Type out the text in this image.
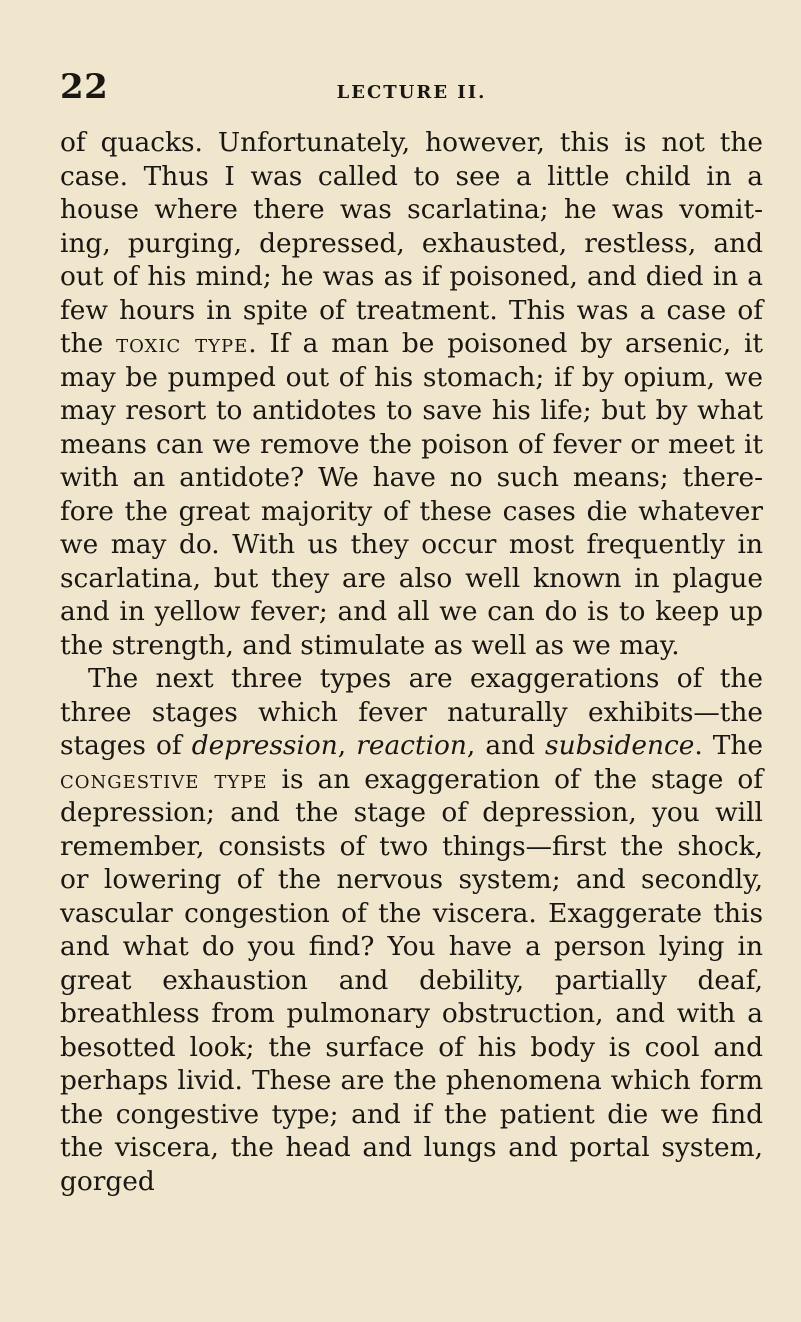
22	LECTURE II.

of quacks. Unfortunately, however, this is not the case. Thus I was called to see a little child in a house where there was scarlatina; he was vomit-ing, purging, depressed, exhausted, restless, and out of his mind; he was as if poisoned, and died in a few hours in spite of treatment. This was a case of the toxic type. If a man be poisoned by arsenic, it may be pumped out of his stomach; if by opium, we may resort to antidotes to save his life; but by what means can we remove the poison of fever or meet it with an antidote? We have no such means; there-fore the great majority of these cases die whatever we may do. With us they occur most frequently in scarlatina, but they are also well known in plague and in yellow fever; and all we can do is to keep up the strength, and stimulate as well as we may.

The next three types are exaggerations of the three stages which fever naturally exhibits—the stages of depression, reaction, and subsidence. The congestive type is an exaggeration of the stage of depression; and the stage of depression, you will remember, consists of two things—first the shock, or lowering of the nervous system; and secondly, vascular congestion of the viscera. Exaggerate this and what do you find? You have a person lying in great exhaustion and debility, partially deaf, breathless from pulmonary obstruction, and with a besotted look; the surface of his body is cool and perhaps livid. These are the phenomena which form the congestive type; and if the patient die we find the viscera, the head and lungs and portal system, gorged
